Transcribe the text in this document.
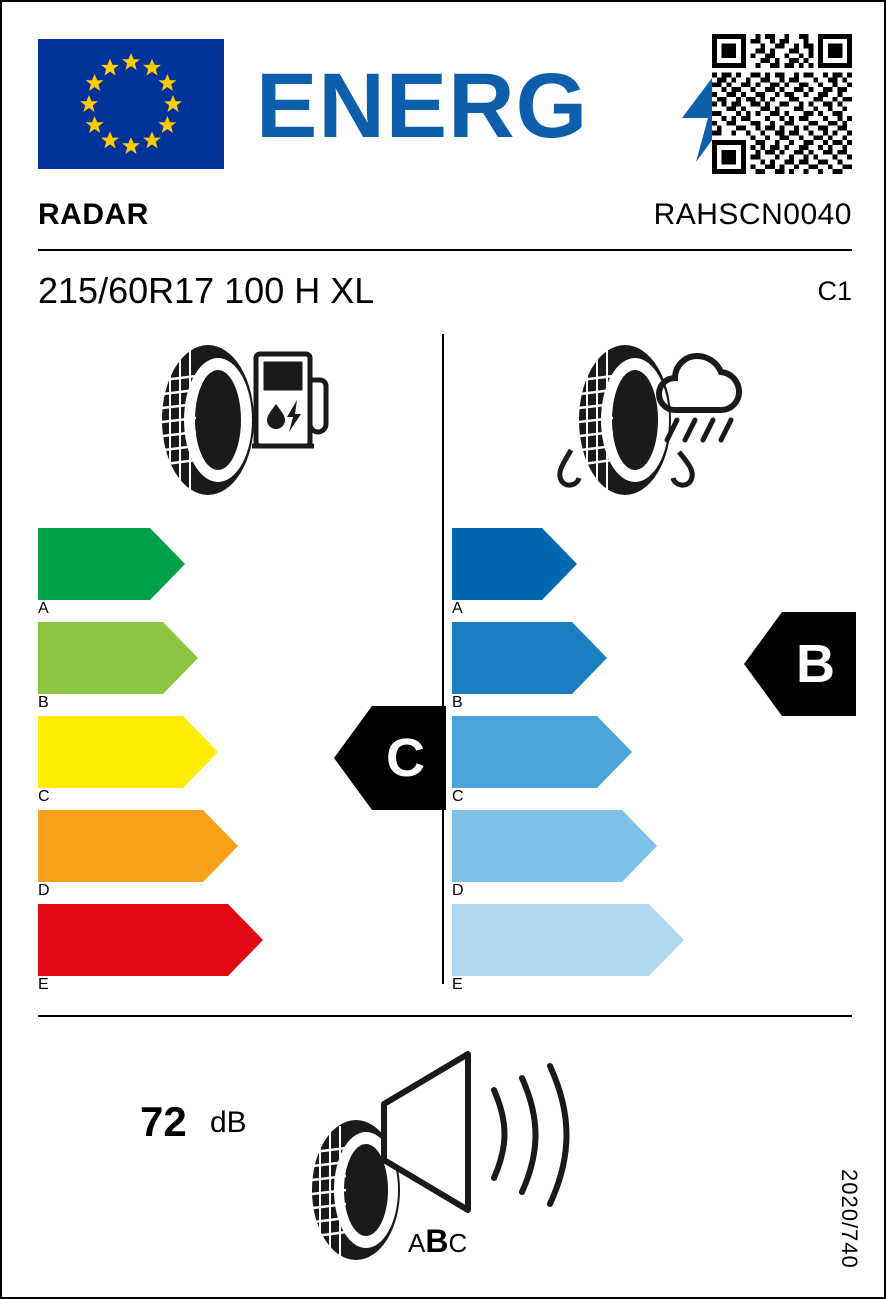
ENERG
RADAR	RAHSCN0040
215/60R17 100 H XL	C1
A
B
C
D
E
C
A
B
C
D
E
B
72 dB
ABC	2020/740
